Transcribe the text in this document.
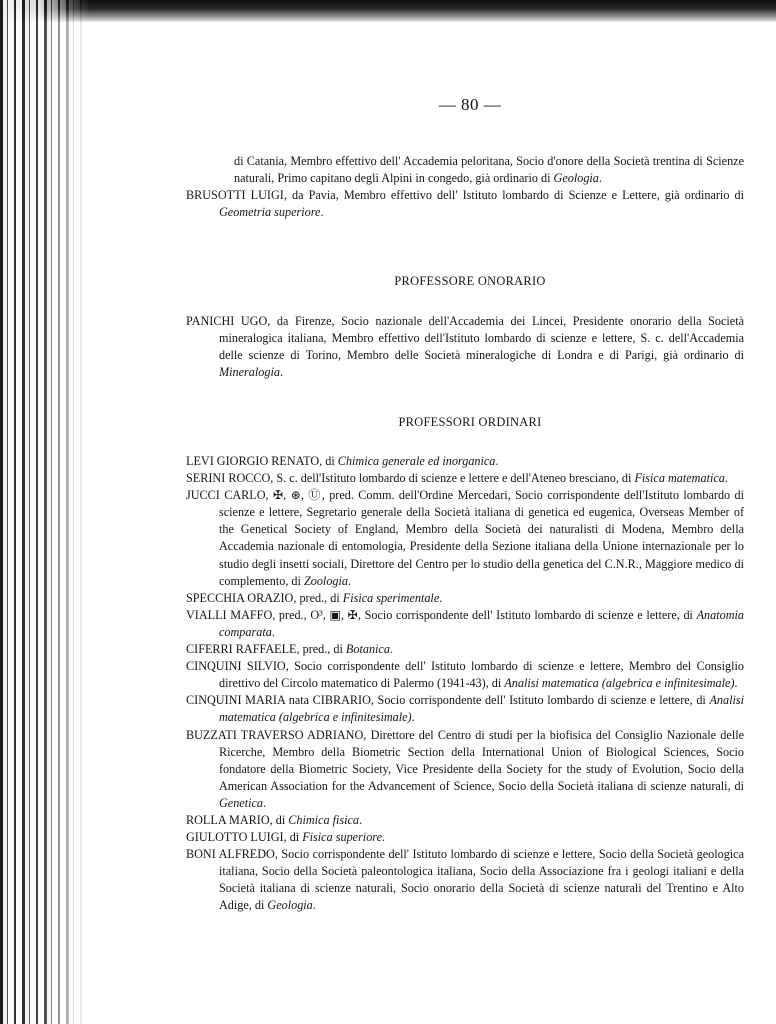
— 80 —

di Catania, Membro effettivo dell' Accademia peloritana, Socio d'onore della Società trentina di Scienze naturali, Primo capitano degli Alpini in congedo, già ordinario di Geologia.

BRUSOTTI LUIGI, da Pavia, Membro effettivo dell' Istituto lombardo di Scienze e Lettere, già ordinario di Geometria superiore.

PROFESSORE ONORARIO

PANICHI UGO, da Firenze, Socio nazionale dell'Accademia dei Lincei, Presidente onorario della Società mineralogica italiana, Membro effettivo dell'Istituto lombardo di scienze e lettere, S. c. dell'Accademia delle scienze di Torino, Membro delle Società mineralogiche di Londra e di Parigi, già ordinario di Mineralogia.

PROFESSORI ORDINARI

LEVI GIORGIO RENATO, di Chimica generale ed inorganica.

SERINI ROCCO, S. c. dell'Istituto lombardo di scienze e lettere e dell'Ateneo bresciano, di Fisica matematica.

JUCCI CARLO, ✠, ⊛, Ⓤ, pred. Comm. dell'Ordine Mercedari, Socio corrispondente dell'Istituto lombardo di scienze e lettere, Segretario generale della Società italiana di genetica ed eugenica, Overseas Member of the Genetical Society of England, Membro della Società dei naturalisti di Modena, Membro della Accademia nazionale di entomologia, Presidente della Sezione italiana della Unione internazionale per lo studio degli insetti sociali, Direttore del Centro per lo studio della genetica del C.N.R., Maggiore medico di complemento, di Zoologia.

SPECCHIA ORAZIO, pred., di Fisica sperimentale.

VIALLI MAFFO, pred., O³, ▣, ✠, Socio corrispondente dell' Istituto lombardo di scienze e lettere, di Anatomia comparata.

CIFERRI RAFFAELE, pred., di Botanica.

CINQUINI SILVIO, Socio corrispondente dell' Istituto lombardo di scienze e lettere, Membro del Consiglio direttivo del Circolo matematico di Palermo (1941-43), di Analisi matematica (algebrica e infinitesimale).

CINQUINI MARIA nata CIBRARIO, Socio corrispondente dell' Istituto lombardo di scienze e lettere, di Analisi matematica (algebrica e infinitesimale).

BUZZATI TRAVERSO ADRIANO, Direttore del Centro di studi per la biofisica del Consiglio Nazionale delle Ricerche, Membro della Biometric Section della International Union of Biological Sciences, Socio fondatore della Biometric Society, Vice Presidente della Society for the study of Evolution, Socio della American Association for the Advancement of Science, Socio della Società italiana di scienze naturali, di Genetica.

ROLLA MARIO, di Chimica fisica.

GIULOTTO LUIGI, di Fisica superiore.

BONI ALFREDO, Socio corrispondente dell' Istituto lombardo di scienze e lettere, Socio della Società geologica italiana, Socio della Società paleontologica italiana, Socio della Associazione fra i geologi italiani e della Società italiana di scienze naturali, Socio onorario della Società di scienze naturali del Trentino e Alto Adige, di Geologia.
